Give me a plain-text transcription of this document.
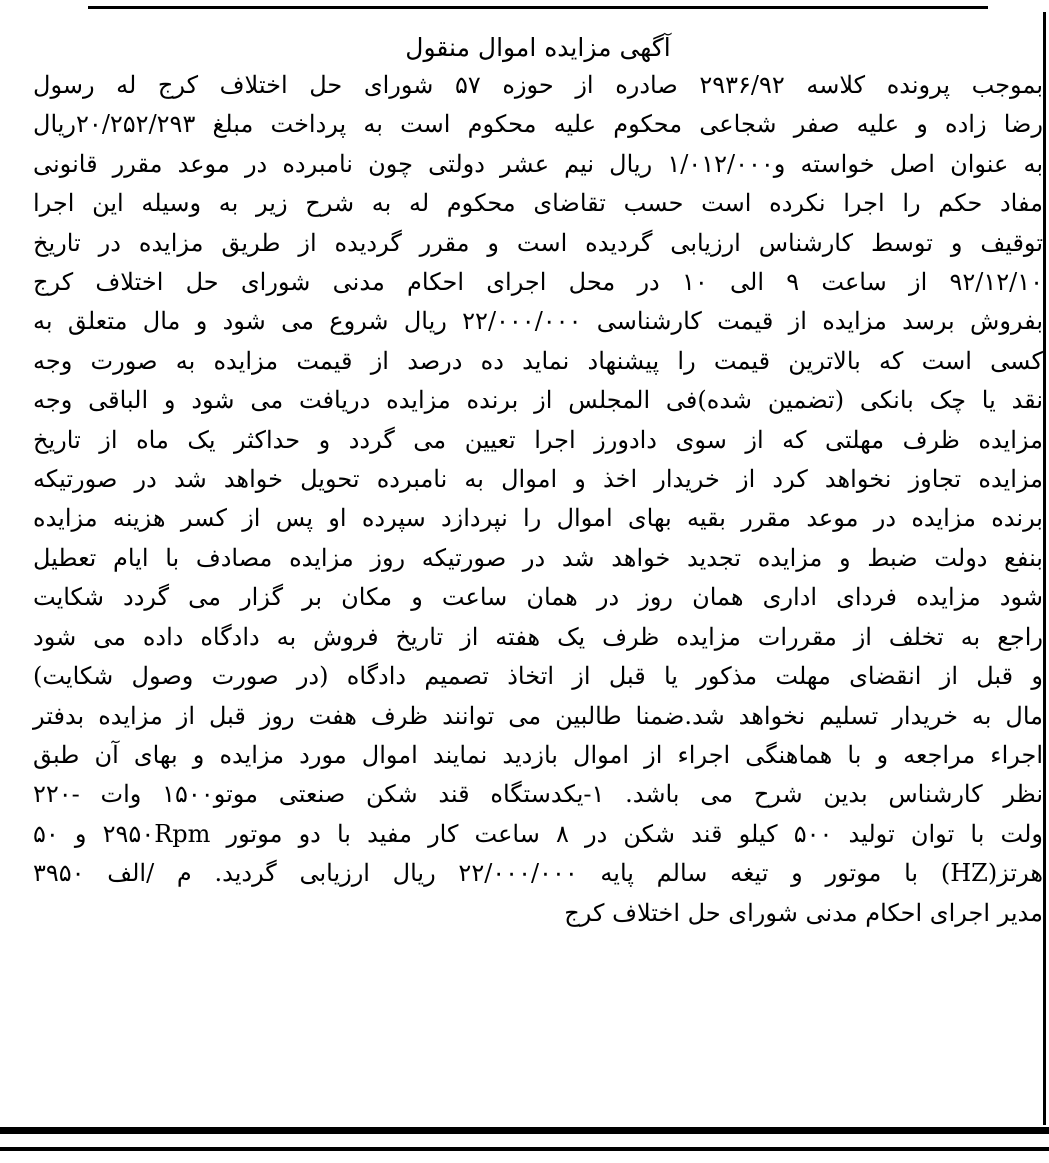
آگهی مزایده اموال منقول
بموجب پرونده کلاسه ۲۹۳۶/۹۲ صادره از حوزه ۵۷ شورای حل اختلاف کرج له رسول
رضا زاده و علیه صفر شجاعی محکوم علیه محکوم است به پرداخت مبلغ ۲۰/۲۵۲/۲۹۳ریال
به عنوان اصل خواسته و۱/۰۱۲/۰۰۰ ریال نیم عشر دولتی چون نامبرده در موعد مقرر قانونی
مفاد حکم را اجرا نکرده است حسب تقاضای محکوم له به شرح زیر به وسیله این اجرا
توقیف و توسط کارشناس ارزیابی گردیده است و مقرر گردیده از طریق مزایده در تاریخ
۹۲/۱۲/۱۰ از ساعت ۹ الی ۱۰ در محل اجرای احکام مدنی شورای حل اختلاف کرج
بفروش برسد مزایده از قیمت کارشناسی ۲۲/۰۰۰/۰۰۰ ریال شروع می شود و مال متعلق به
کسی است که بالاترین قیمت را پیشنهاد نماید ده درصد از قیمت مزایده به صورت وجه
نقد یا چک بانکی (تضمین شده)فی المجلس از برنده مزایده دریافت می شود و الباقی وجه
مزایده ظرف مهلتی که از سوی دادورز اجرا تعیین می گردد و حداکثر یک ماه از تاریخ
مزایده تجاوز نخواهد کرد از خریدار اخذ و اموال به نامبرده تحویل خواهد شد در صورتیکه
برنده مزایده در موعد مقرر بقیه بهای اموال را نپردازد سپرده او پس از کسر هزینه مزایده
بنفع دولت ضبط و مزایده تجدید خواهد شد در صورتیکه روز مزایده مصادف با ایام تعطیل
شود مزایده فردای اداری همان روز در همان ساعت و مکان بر گزار می گردد شکایت
راجع به تخلف از مقررات مزایده ظرف یک هفته از تاریخ فروش به دادگاه داده می شود
و قبل از انقضای مهلت مذکور یا قبل از اتخاذ تصمیم دادگاه (در صورت وصول شکایت)
مال به خریدار تسلیم نخواهد شد.ضمنا طالبین می توانند ظرف هفت روز قبل از مزایده بدفتر
اجراء مراجعه و با هماهنگی اجراء از اموال بازدید نمایند اموال مورد مزایده و بهای آن طبق
نظر کارشناس بدین شرح می باشد. ۱-یکدستگاه قند شکن صنعتی موتو۱۵۰۰ وات -۲۲۰
ولت با توان تولید ۵۰۰ کیلو قند شکن در ۸ ساعت کار مفید با دو موتور ۲۹۵۰Rpm و ۵۰
هرتز(HZ) با موتور و تیغه سالم پایه ۲۲/۰۰۰/۰۰۰ ریال ارزیابی گردید. م /الف ۳۹۵۰
مدیر اجرای احکام مدنی شورای حل اختلاف کرج
